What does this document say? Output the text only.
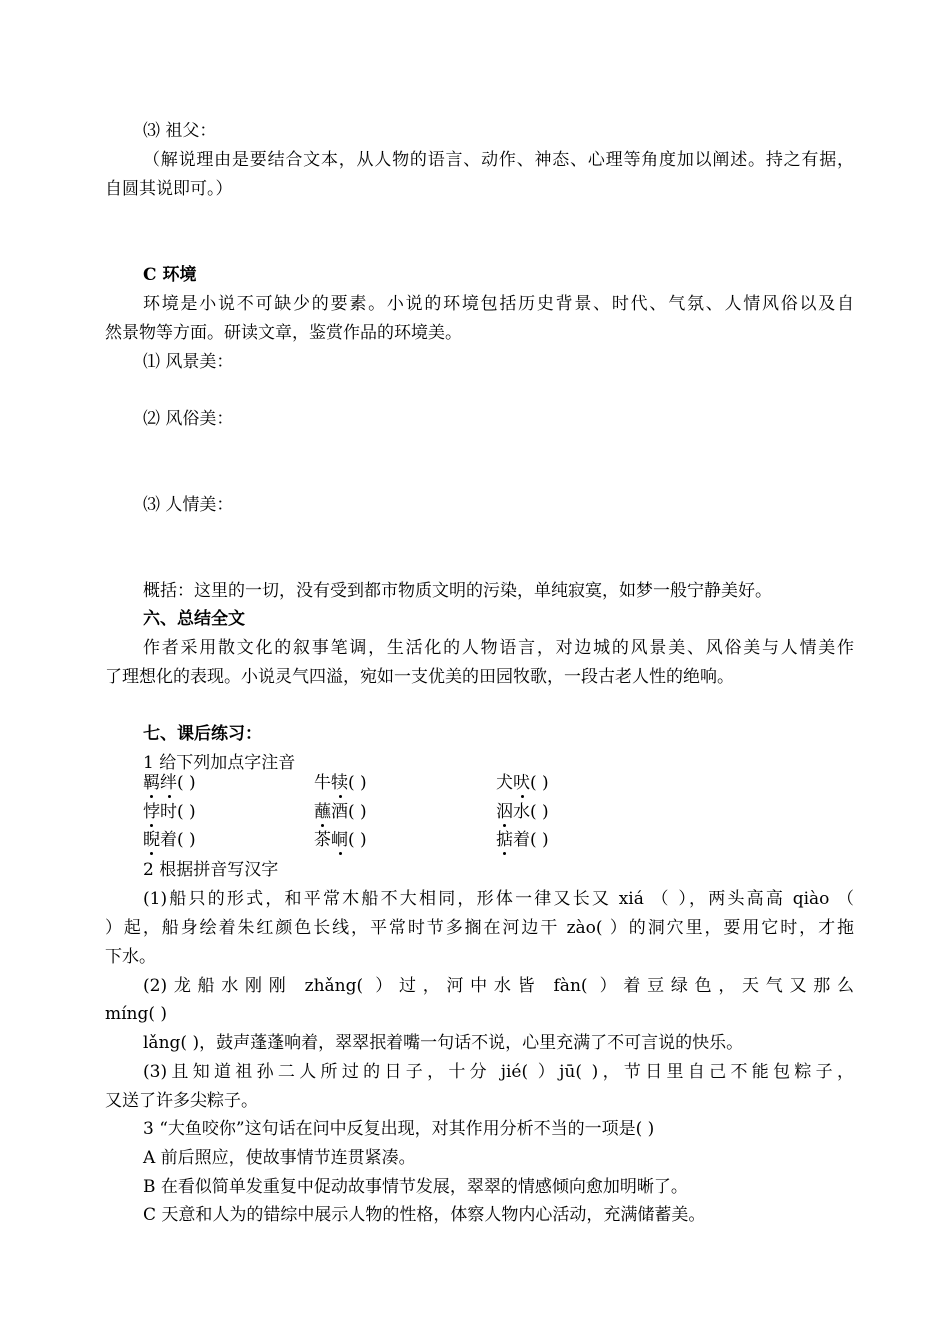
⑶ 祖父：
（解说理由是要结合文本，从人物的语言、动作、神态、心理等角度加以阐述。持之有据，
自圆其说即可。）
C 环境
环境是小说不可缺少的要素。小说的环境包括历史背景、时代、气氛、人情风俗以及自
然景物等方面。研读文章，鉴赏作品的环境美。
⑴ 风景美：
⑵ 风俗美：
⑶ 人情美：
概括：这里的一切，没有受到都市物质文明的污染，单纯寂寞，如梦一般宁静美好。
六、总结全文
作者采用散文化的叙事笔调，生活化的人物语言，对边城的风景美、风俗美与人情美作
了理想化的表现。小说灵气四溢，宛如一支优美的田园牧歌，一段古老人性的绝响。
七、课后练习：
1 给下列加点字注音
羁绊( )	牛犊( )	犬吠( )
悖时( )	蘸酒( )	泅水( )
睨着( )	茶峒( )	掂着( )
2 根据拼音写汉字
(1)船只的形式，和平常木船不大相同，形体一律又长又 xiá （ ），两头高高 qiào （
）起，船身绘着朱红颜色长线，平常时节多搁在河边干 zào( ）的洞穴里，要用它时，才拖
下水。
(2)龙船水刚刚 zhǎng( ）过，河中水皆 fàn( ）着豆绿色，天气又那么
míng( )
lǎng( )，鼓声蓬蓬响着，翠翠抿着嘴一句话不说，心里充满了不可言说的快乐。
(3)且知道祖孙二人所过的日子，十分 jié( ）jū( )，节日里自己不能包粽子，
又送了许多尖粽子。
3 “大鱼咬你”这句话在问中反复出现，对其作用分析不当的一项是( )
A 前后照应，使故事情节连贯紧凑。
B 在看似简单发重复中促动故事情节发展，翠翠的情感倾向愈加明晰了。
C 天意和人为的错综中展示人物的性格，体察人物内心活动，充满储蓄美。
